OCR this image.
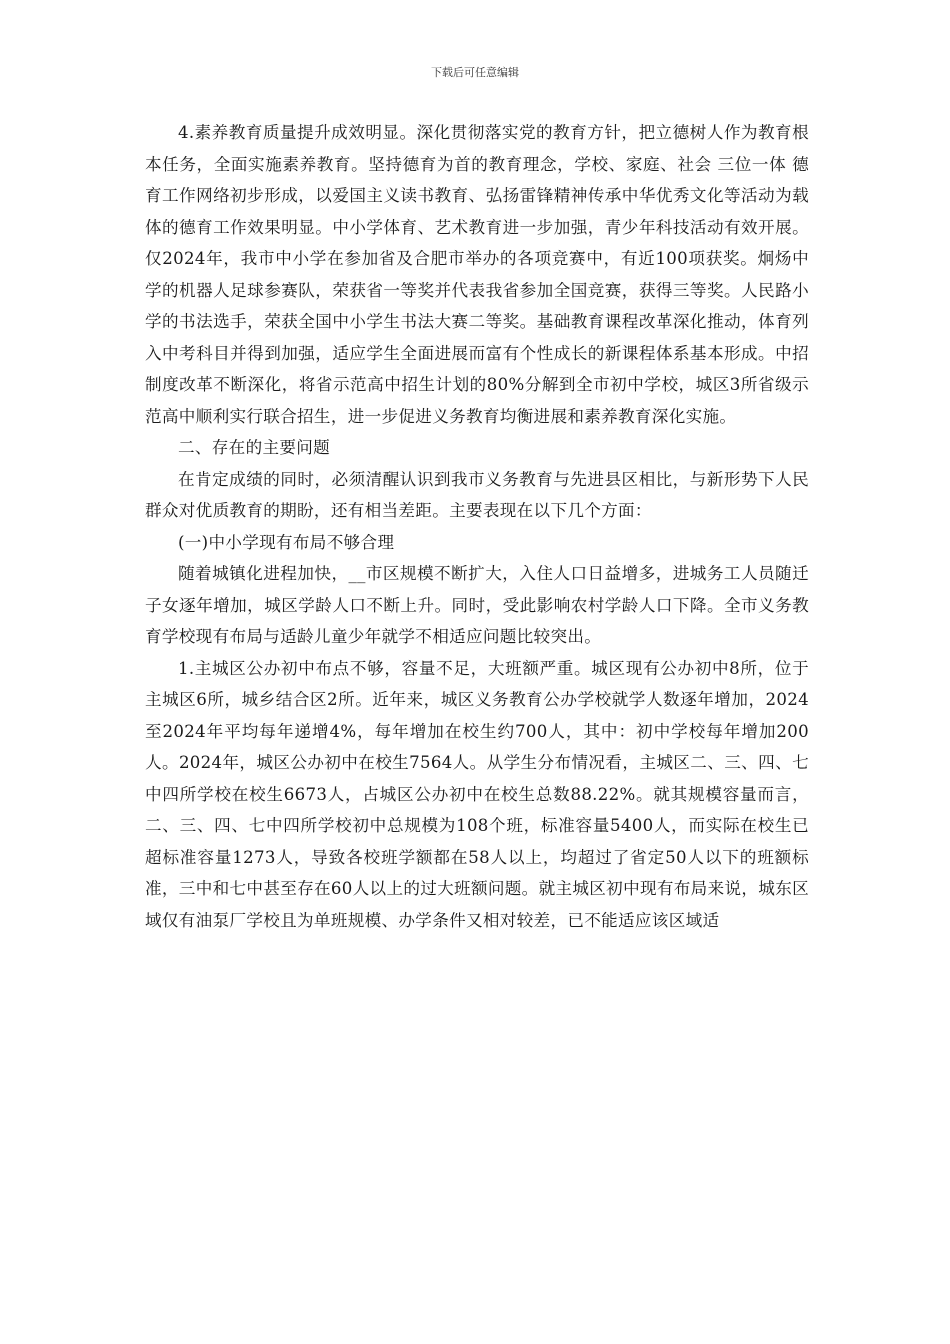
下载后可任意编辑

4.素养教育质量提升成效明显。深化贯彻落实党的教育方针，把立德树人作为教育根本任务，全面实施素养教育。坚持德育为首的教育理念，学校、家庭、社会 三位一体 德育工作网络初步形成，以爱国主义读书教育、弘扬雷锋精神传承中华优秀文化等活动为载体的德育工作效果明显。中小学体育、艺术教育进一步加强，青少年科技活动有效开展。仅2024年，我市中小学在参加省及合肥市举办的各项竞赛中，有近100项获奖。炯炀中学的机器人足球参赛队，荣获省一等奖并代表我省参加全国竞赛，获得三等奖。人民路小学的书法选手，荣获全国中小学生书法大赛二等奖。基础教育课程改革深化推动，体育列入中考科目并得到加强，适应学生全面进展而富有个性成长的新课程体系基本形成。中招制度改革不断深化，将省示范高中招生计划的80%分解到全市初中学校，城区3所省级示范高中顺利实行联合招生，进一步促进义务教育均衡进展和素养教育深化实施。

二、存在的主要问题

在肯定成绩的同时，必须清醒认识到我市义务教育与先进县区相比，与新形势下人民群众对优质教育的期盼，还有相当差距。主要表现在以下几个方面：

(一)中小学现有布局不够合理

随着城镇化进程加快，__市区规模不断扩大，入住人口日益增多，进城务工人员随迁子女逐年增加，城区学龄人口不断上升。同时，受此影响农村学龄人口下降。全市义务教育学校现有布局与适龄儿童少年就学不相适应问题比较突出。

1.主城区公办初中布点不够，容量不足，大班额严重。城区现有公办初中8所，位于主城区6所，城乡结合区2所。近年来，城区义务教育公办学校就学人数逐年增加，2024至2024年平均每年递增4%，每年增加在校生约700人，其中：初中学校每年增加200人。2024年，城区公办初中在校生7564人。从学生分布情况看，主城区二、三、四、七中四所学校在校生6673人，占城区公办初中在校生总数88.22%。就其规模容量而言，二、三、四、七中四所学校初中总规模为108个班，标准容量5400人，而实际在校生已超标准容量1273人，导致各校班学额都在58人以上，均超过了省定50人以下的班额标准，三中和七中甚至存在60人以上的过大班额问题。就主城区初中现有布局来说，城东区域仅有油泵厂学校且为单班规模、办学条件又相对较差，已不能适应该区域适
